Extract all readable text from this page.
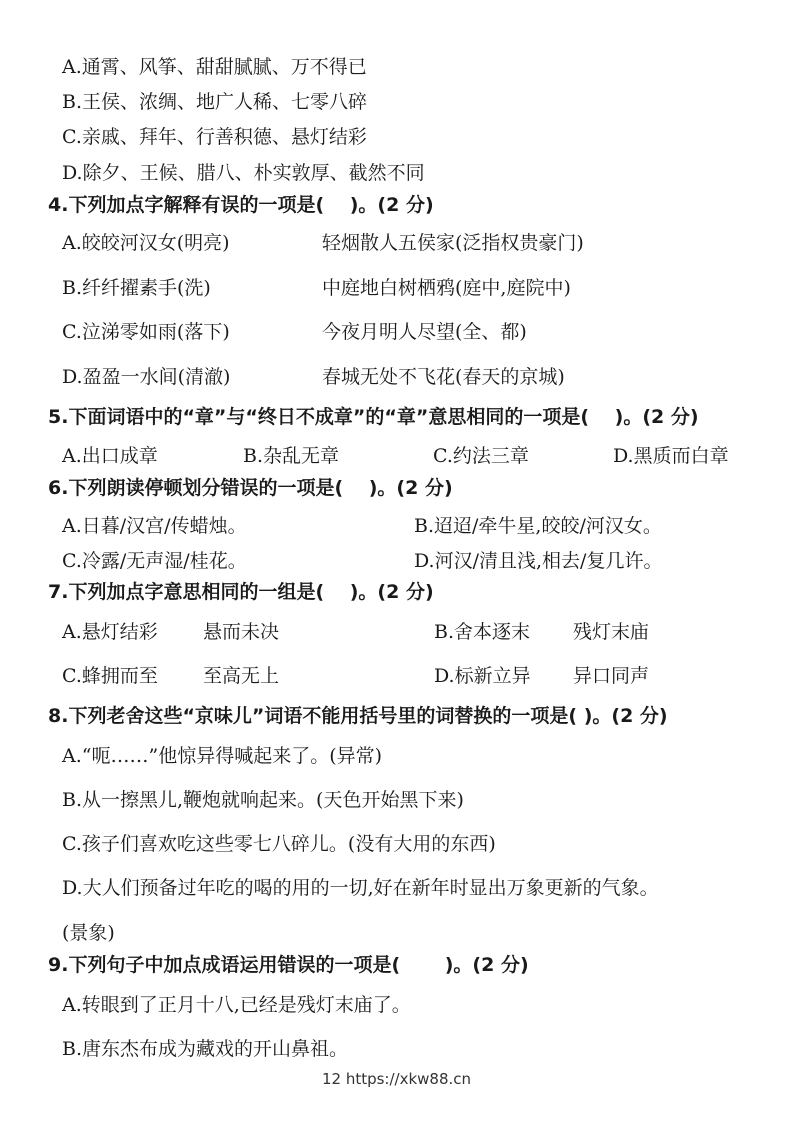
A.通霄、风筝、甜甜腻腻、万不得已
B.王侯、浓绸、地广人稀、七零八碎
C.亲戚、拜年、行善积德、悬灯结彩
D.除夕、王候、腊八、朴实敦厚、截然不同
4.下列加点字解释有误的一项是(　 )。(2 分)
A.皎皎河汉女(明亮)	轻烟散人五侯家(泛指权贵豪门)
B.纤纤擢素手(洗)	中庭地白树栖鸦(庭中,庭院中)
C.泣涕零如雨(落下)	今夜月明人尽望(全、都)
D.盈盈一水间(清澈)	春城无处不飞花(春天的京城)
5.下面词语中的“章”与“终日不成章”的“章”意思相同的一项是(　 )。(2 分)
A.出口成章	B.杂乱无章	C.约法三章	D.黑质而白章
6.下列朗读停顿划分错误的一项是(　 )。(2 分)
A.日暮/汉宫/传蜡烛。	B.迢迢/牵牛星,皎皎/河汉女。
C.冷露/无声湿/桂花。	D.河汉/清且浅,相去/复几许。
7.下列加点字意思相同的一组是(　 )。(2 分)
A.悬灯结彩 悬而未决	B.舍本逐末 残灯末庙
C.蜂拥而至 至高无上	D.标新立异 异口同声
8.下列老舍这些“京味儿”词语不能用括号里的词替换的一项是( )。(2 分)
A.“呃……”他惊异得喊起来了。(异常)
B.从一擦黑儿,鞭炮就响起来。(天色开始黑下来)
C.孩子们喜欢吃这些零七八碎儿。(没有大用的东西)
D.大人们预备过年吃的喝的用的一切,好在新年时显出万象更新的气象。
(景象)
9.下列句子中加点成语运用错误的一项是(　 　)。(2 分)
A.转眼到了正月十八,已经是残灯末庙了。
B.唐东杰布成为藏戏的开山鼻祖。
12 https://xkw88.cn
